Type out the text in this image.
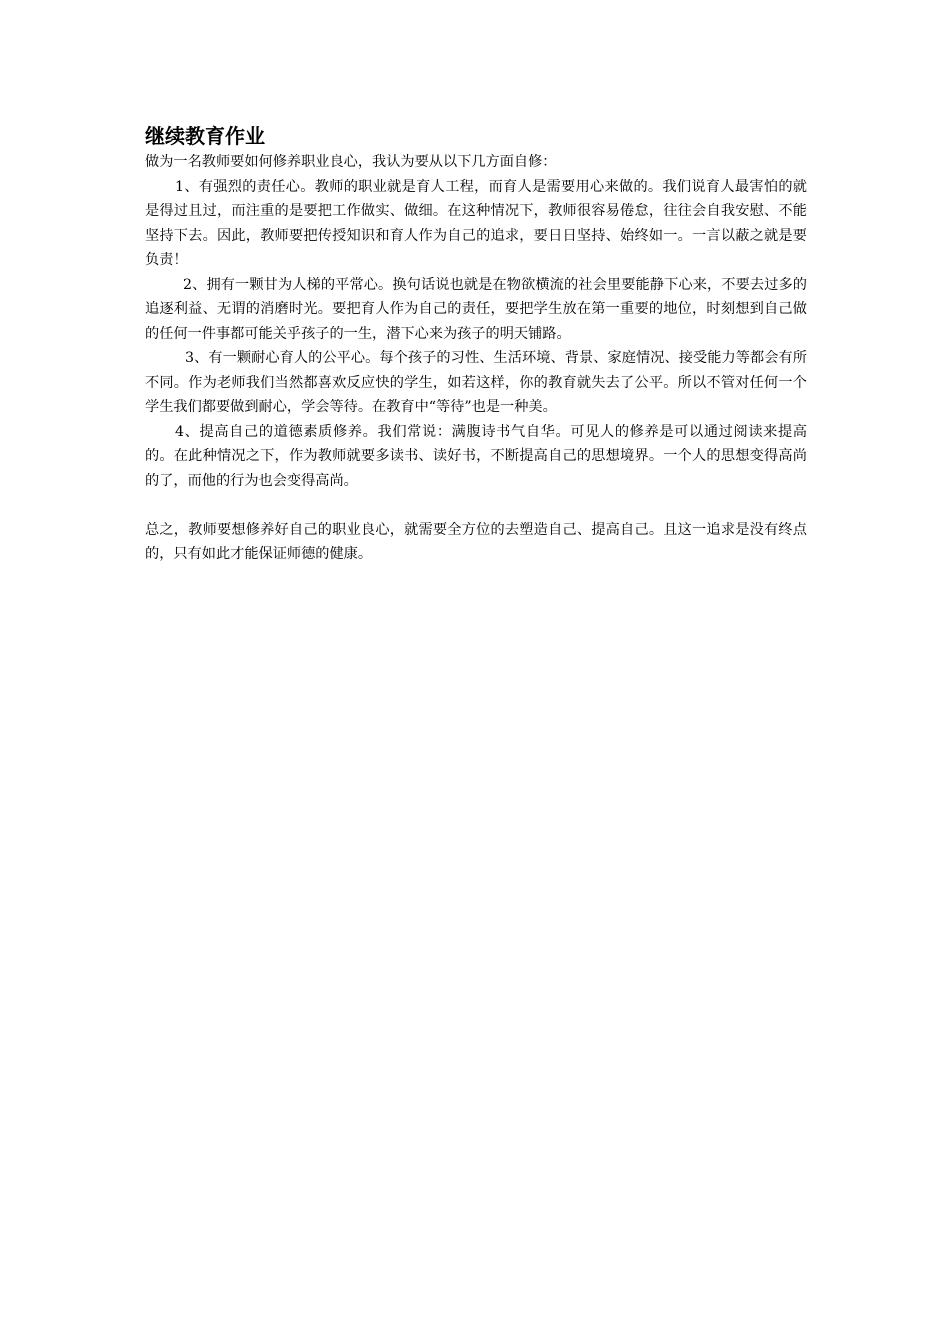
继续教育作业

做为一名教师要如何修养职业良心，我认为要从以下几方面自修：

1、有强烈的责任心。教师的职业就是育人工程，而育人是需要用心来做的。我们说育人最害怕的就是得过且过，而注重的是要把工作做实、做细。在这种情况下，教师很容易倦怠，往往会自我安慰、不能坚持下去。因此，教师要把传授知识和育人作为自己的追求，要日日坚持、始终如一。一言以蔽之就是要负责！

2、拥有一颗甘为人梯的平常心。换句话说也就是在物欲横流的社会里要能静下心来，不要去过多的追逐利益、无谓的消磨时光。要把育人作为自己的责任，要把学生放在第一重要的地位，时刻想到自己做的任何一件事都可能关乎孩子的一生，潜下心来为孩子的明天铺路。

3、有一颗耐心育人的公平心。每个孩子的习性、生活环境、背景、家庭情况、接受能力等都会有所不同。作为老师我们当然都喜欢反应快的学生，如若这样，你的教育就失去了公平。所以不管对任何一个学生我们都要做到耐心，学会等待。在教育中“等待”也是一种美。

4、提高自己的道德素质修养。我们常说：满腹诗书气自华。可见人的修养是可以通过阅读来提高的。在此种情况之下，作为教师就要多读书、读好书，不断提高自己的思想境界。一个人的思想变得高尚的了，而他的行为也会变得高尚。

总之，教师要想修养好自己的职业良心，就需要全方位的去塑造自己、提高自己。且这一追求是没有终点的，只有如此才能保证师德的健康。
